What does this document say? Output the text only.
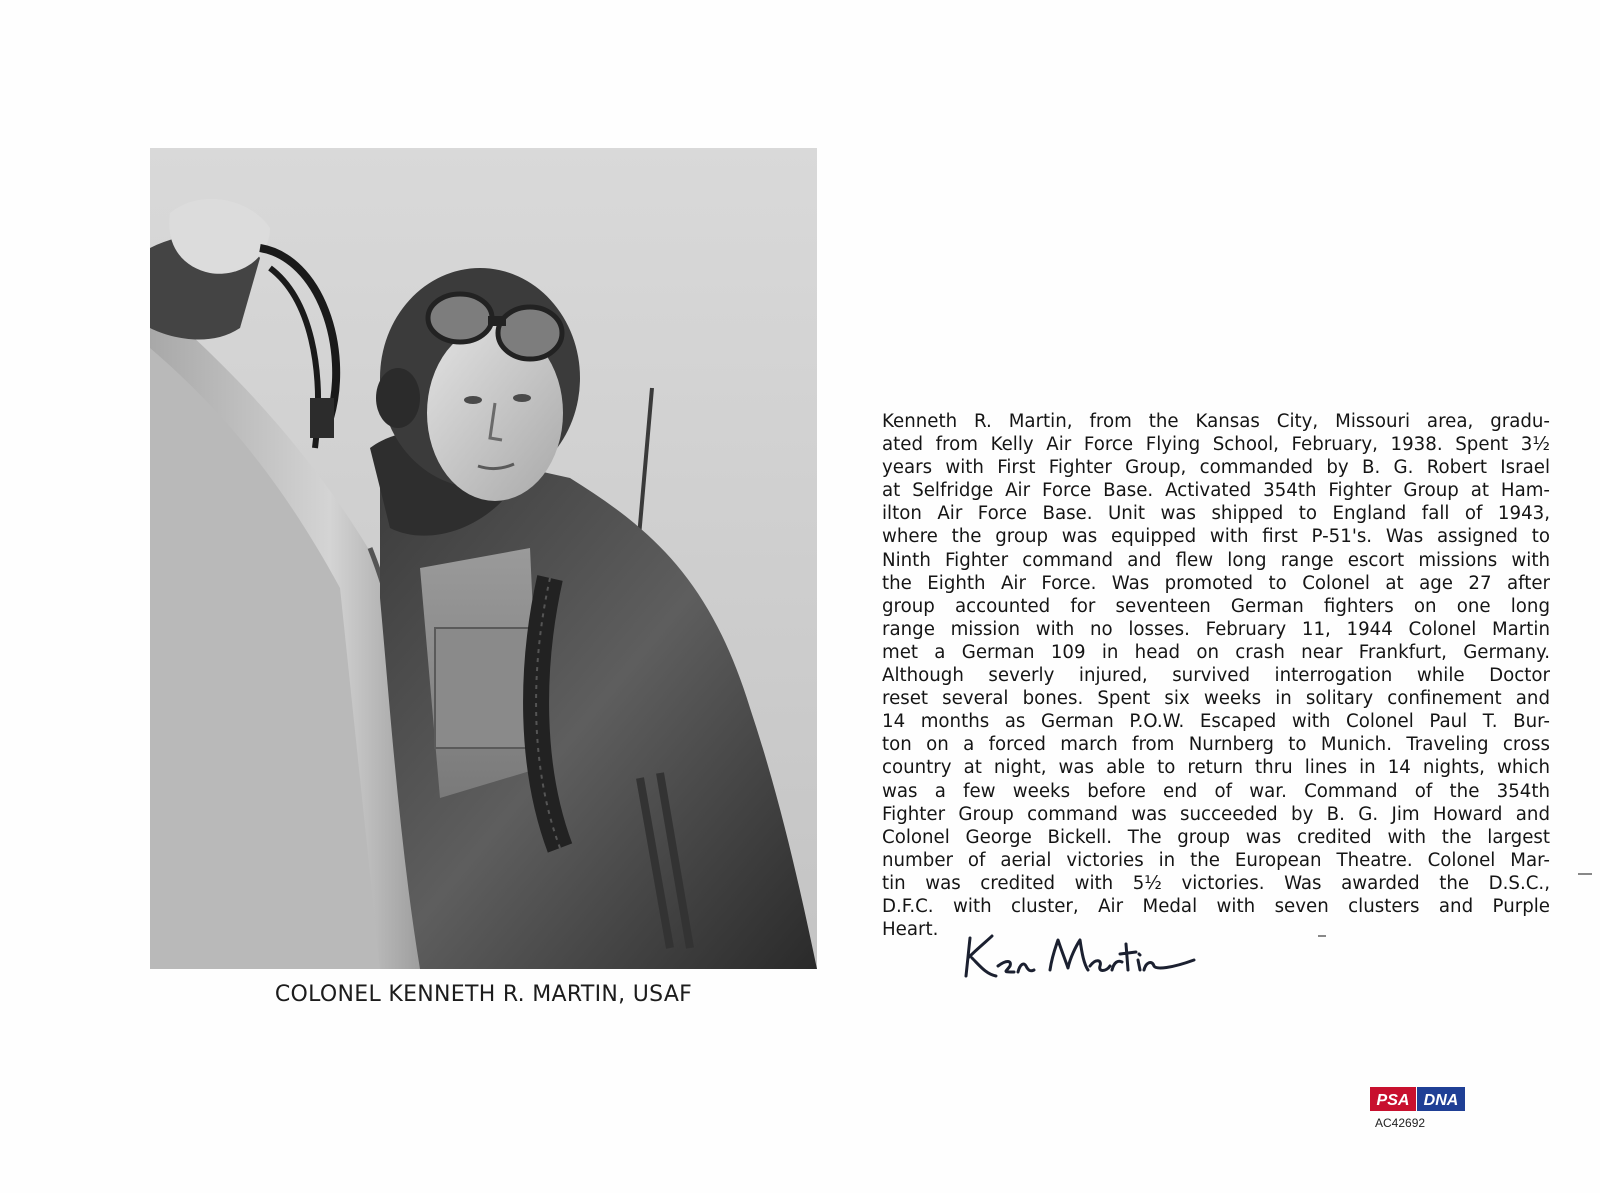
COLONEL KENNETH R. MARTIN, USAF
Kenneth R. Martin, from the Kansas City, Missouri area, gradu-
ated from Kelly Air Force Flying School, February, 1938. Spent 3½
years with First Fighter Group, commanded by B. G. Robert Israel
at Selfridge Air Force Base. Activated 354th Fighter Group at Ham-
ilton Air Force Base. Unit was shipped to England fall of 1943,
where the group was equipped with first P-51's. Was assigned to
Ninth Fighter command and flew long range escort missions with
the Eighth Air Force. Was promoted to Colonel at age 27 after
group accounted for seventeen German fighters on one long
range mission with no losses. February 11, 1944 Colonel Martin
met a German 109 in head on crash near Frankfurt, Germany.
Although severly injured, survived interrogation while Doctor
reset several bones. Spent six weeks in solitary confinement and
14 months as German P.O.W. Escaped with Colonel Paul T. Bur-
ton on a forced march from Nurnberg to Munich. Traveling cross
country at night, was able to return thru lines in 14 nights, which
was a few weeks before end of war. Command of the 354th
Fighter Group command was succeeded by B. G. Jim Howard and
Colonel George Bickell. The group was credited with the largest
number of aerial victories in the European Theatre. Colonel Mar-
tin was credited with 5½ victories. Was awarded the D.S.C.,
D.F.C. with cluster, Air Medal with seven clusters and Purple
Heart.
PSA DNA
AC42692
